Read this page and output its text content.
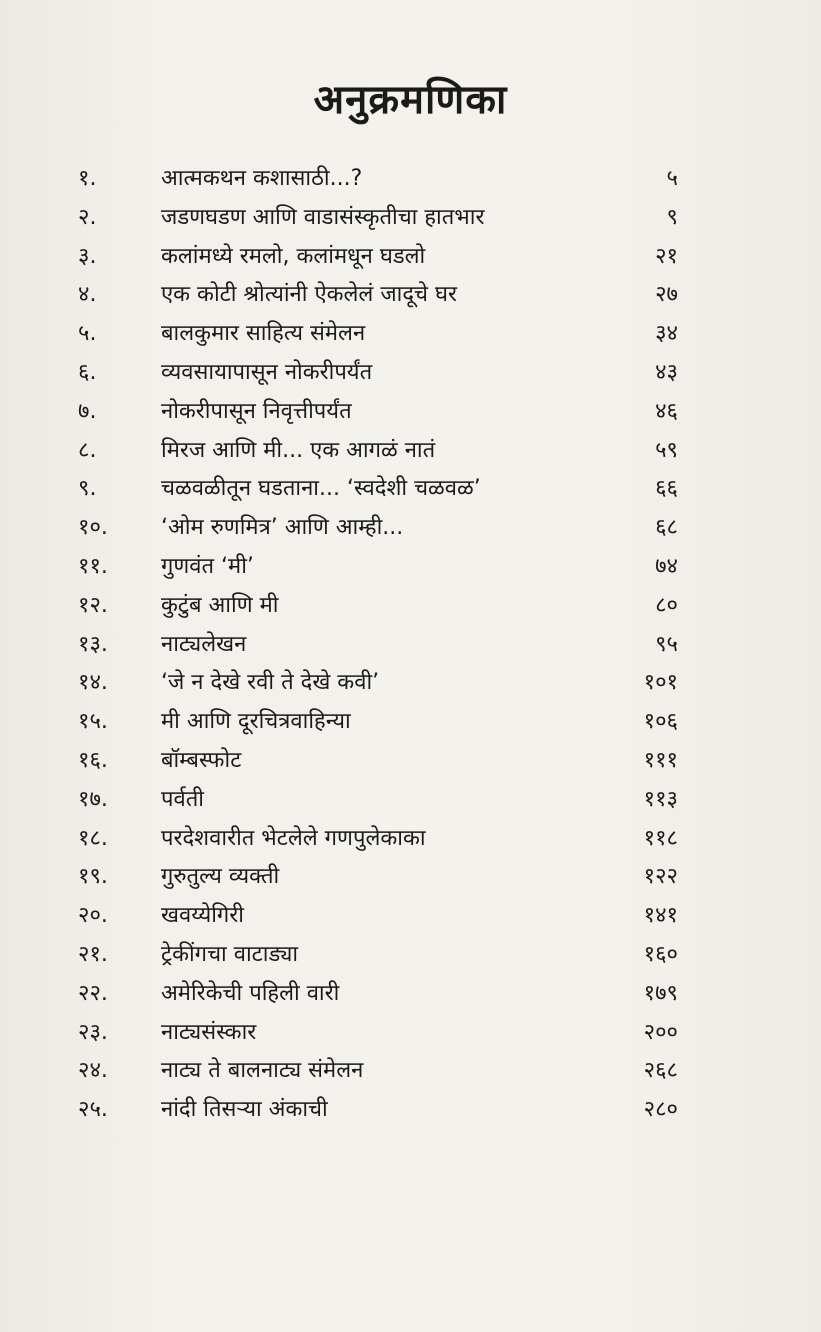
अनुक्रमणिका
१.	आत्मकथन कशासाठी...?	५
२.	जडणघडण आणि वाडासंस्कृतीचा हातभार	९
३.	कलांमध्ये रमलो, कलांमधून घडलो	२१
४.	एक कोटी श्रोत्यांनी ऐकलेलं जादूचे घर	२७
५.	बालकुमार साहित्य संमेलन	३४
६.	व्यवसायापासून नोकरीपर्यंत	४३
७.	नोकरीपासून निवृत्तीपर्यंत	४६
८.	मिरज आणि मी... एक आगळं नातं	५९
९.	चळवळीतून घडताना... ‘स्वदेशी चळवळ’	६६
१०. ‘ओम रुणमित्र’ आणि आम्ही...	६८
११. गुणवंत ‘मी’	७४
१२. कुटुंब आणि मी	८०
१३. नाट्यलेखन	९५
१४. ‘जे न देखे रवी ते देखे कवी’	१०१
१५. मी आणि दूरचित्रवाहिन्या	१०६
१६. बॉम्बस्फोट	१११
१७. पर्वती	११३
१८. परदेशवारीत भेटलेले गणपुलेकाका	११८
१९. गुरुतुल्य व्यक्ती	१२२
२०. खवय्येगिरी	१४१
२१. ट्रेकींगचा वाटाड्या	१६०
२२. अमेरिकेची पहिली वारी	१७९
२३. नाट्यसंस्कार	२००
२४. नाट्य ते बालनाट्य संमेलन	२६८
२५. नांदी तिसऱ्या अंकाची	२८०
